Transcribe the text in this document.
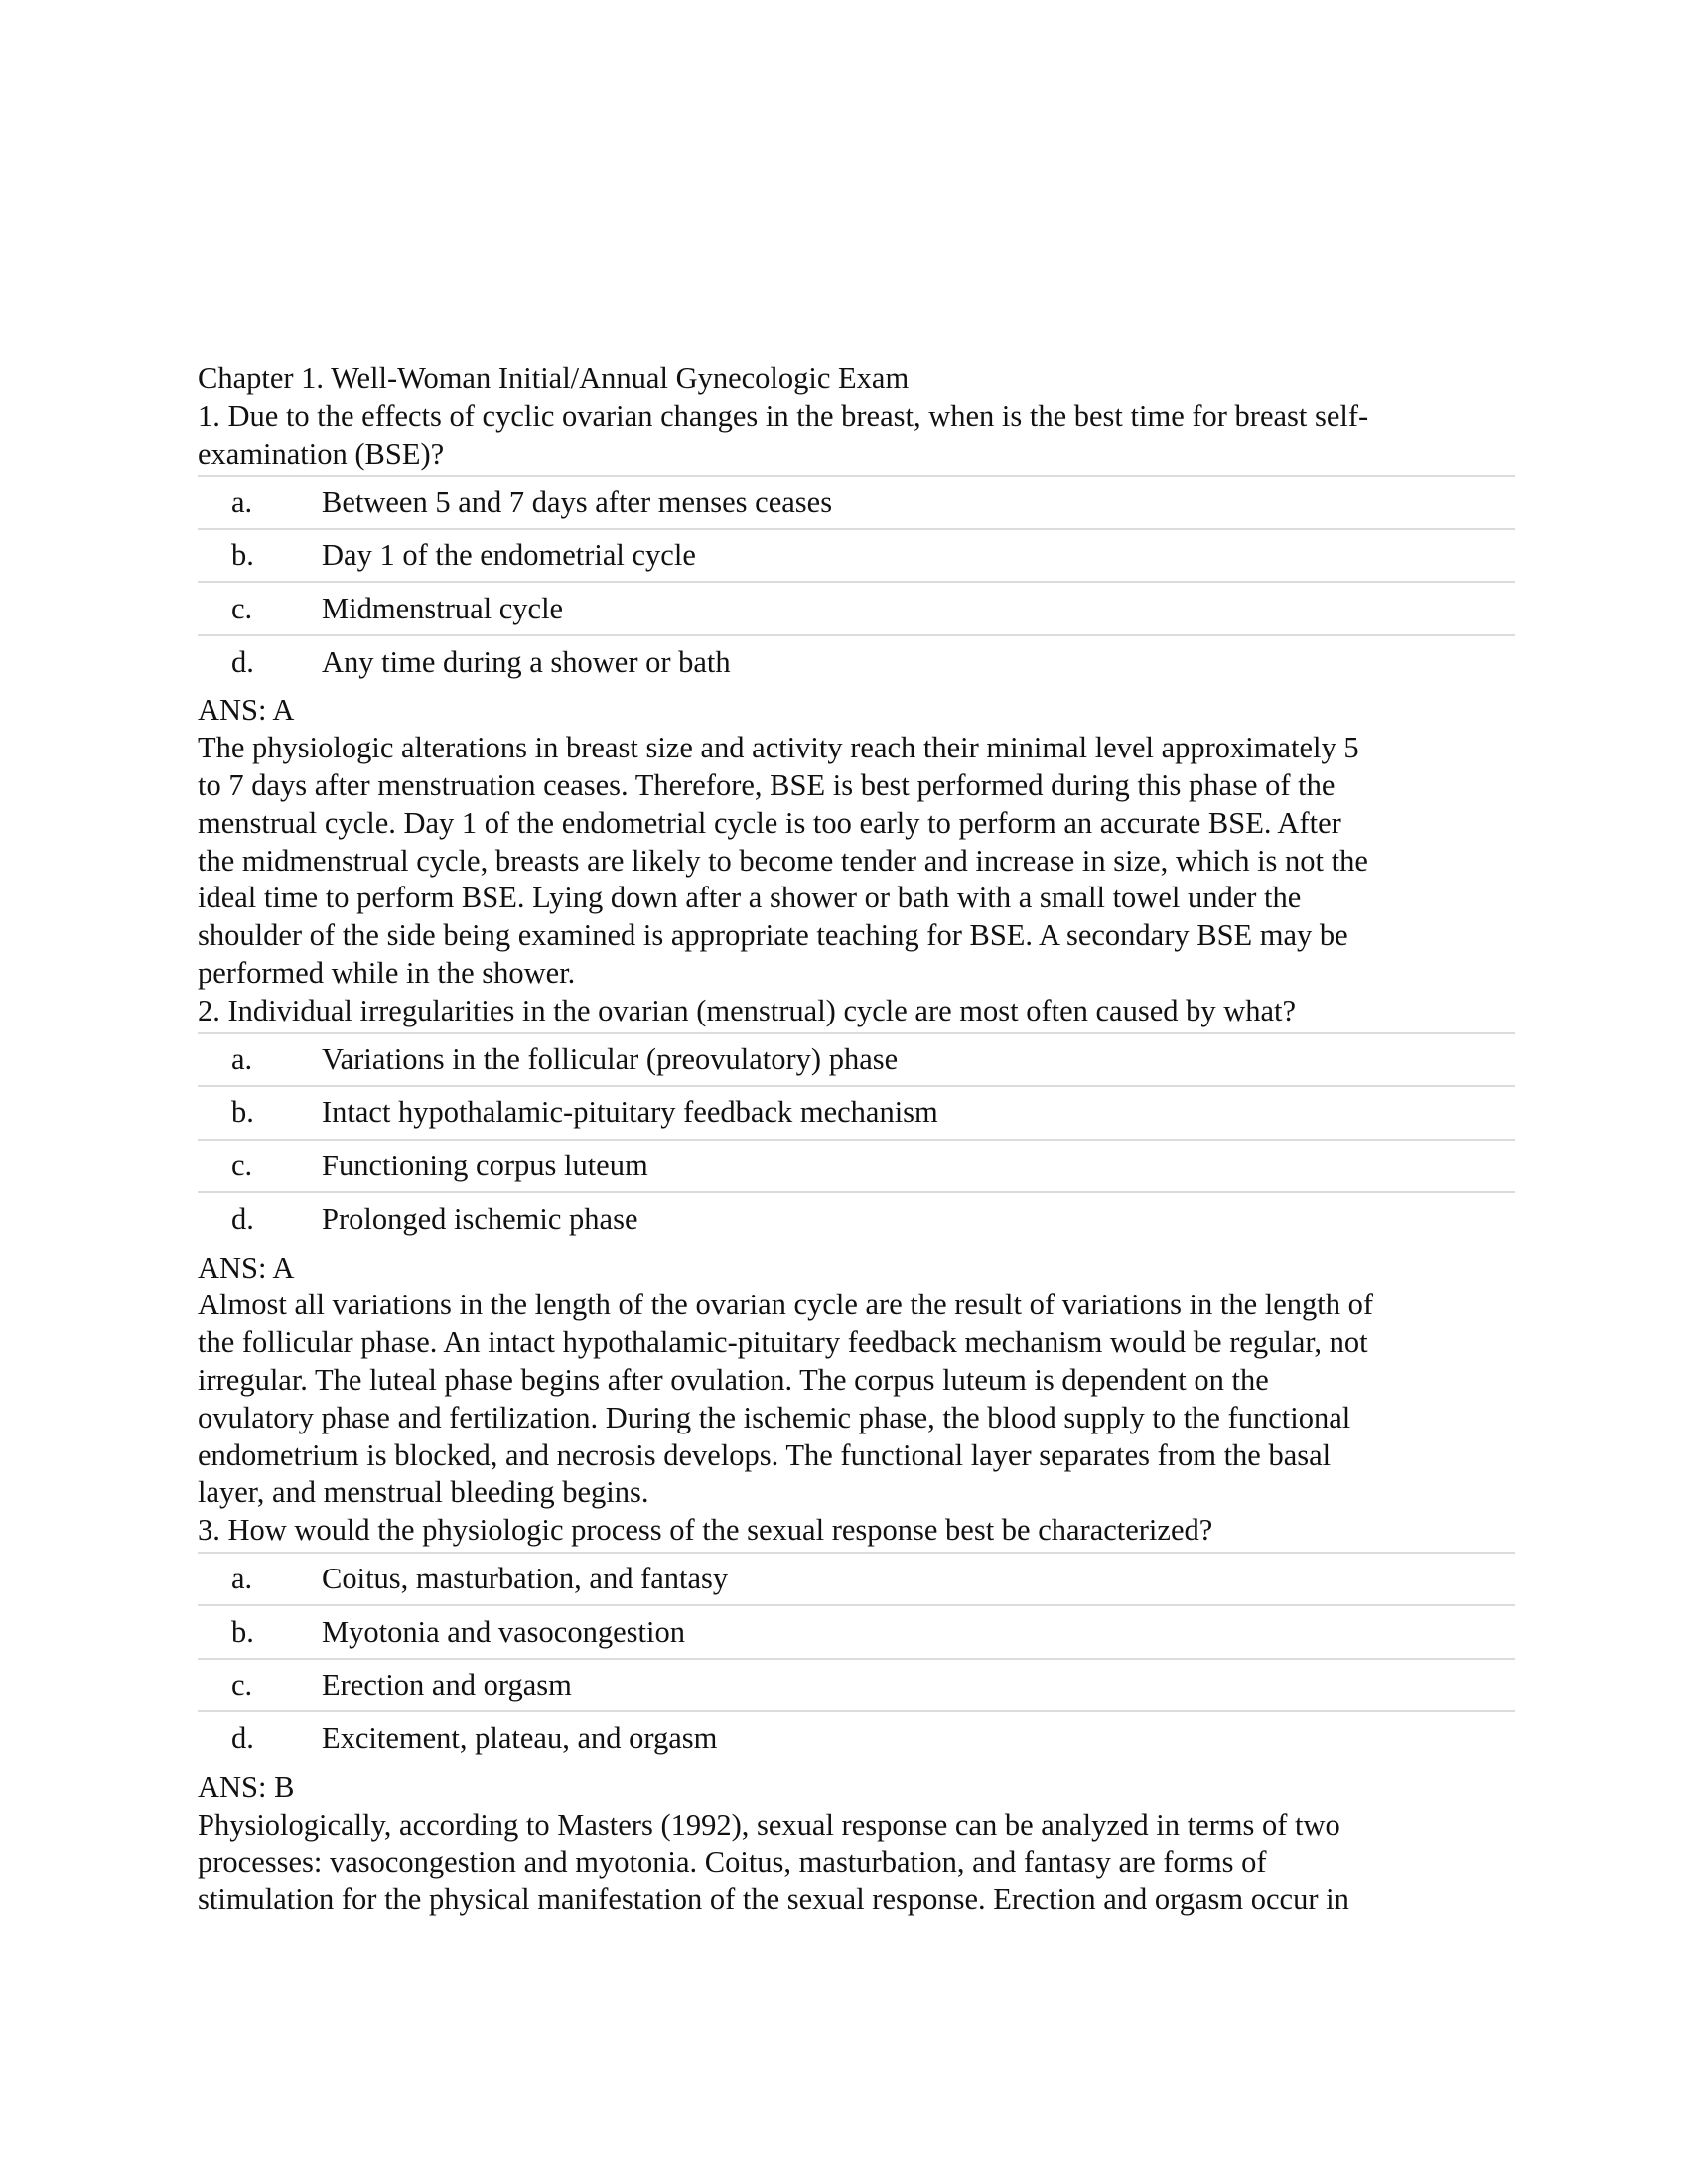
Chapter 1. Well-Woman Initial/Annual Gynecologic Exam
1. Due to the effects of cyclic ovarian changes in the breast, when is the best time for breast self-
examination (BSE)?
a.	Between 5 and 7 days after menses ceases
b.	Day 1 of the endometrial cycle
c.	Midmenstrual cycle
d.	Any time during a shower or bath
ANS: A
The physiologic alterations in breast size and activity reach their minimal level approximately 5
to 7 days after menstruation ceases. Therefore, BSE is best performed during this phase of the
menstrual cycle. Day 1 of the endometrial cycle is too early to perform an accurate BSE. After
the midmenstrual cycle, breasts are likely to become tender and increase in size, which is not the
ideal time to perform BSE. Lying down after a shower or bath with a small towel under the
shoulder of the side being examined is appropriate teaching for BSE. A secondary BSE may be
performed while in the shower.
2. Individual irregularities in the ovarian (menstrual) cycle are most often caused by what?
a.	Variations in the follicular (preovulatory) phase
b.	Intact hypothalamic-pituitary feedback mechanism
c.	Functioning corpus luteum
d.	Prolonged ischemic phase
ANS: A
Almost all variations in the length of the ovarian cycle are the result of variations in the length of
the follicular phase. An intact hypothalamic-pituitary feedback mechanism would be regular, not
irregular. The luteal phase begins after ovulation. The corpus luteum is dependent on the
ovulatory phase and fertilization. During the ischemic phase, the blood supply to the functional
endometrium is blocked, and necrosis develops. The functional layer separates from the basal
layer, and menstrual bleeding begins.
3. How would the physiologic process of the sexual response best be characterized?
a.	Coitus, masturbation, and fantasy
b.	Myotonia and vasocongestion
c.	Erection and orgasm
d.	Excitement, plateau, and orgasm
ANS: B
Physiologically, according to Masters (1992), sexual response can be analyzed in terms of two
processes: vasocongestion and myotonia. Coitus, masturbation, and fantasy are forms of
stimulation for the physical manifestation of the sexual response. Erection and orgasm occur in
